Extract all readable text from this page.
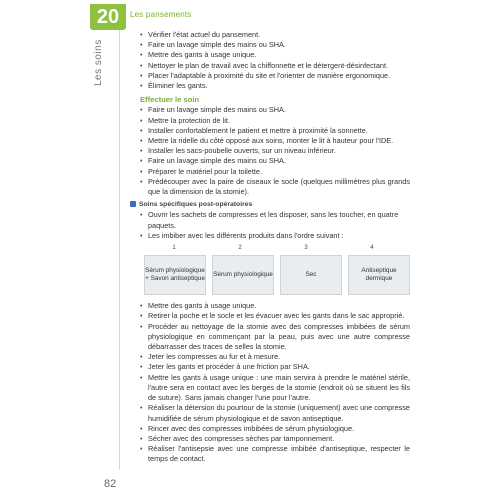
20	Les pansements
Les soins
• Vérifier l'état actuel du pansement.
• Faire un lavage simple des mains ou SHA.
• Mettre des gants à usage unique.
• Nettoyer le plan de travail avec la chiffonnette et le détergent-désinfectant.
• Placer l'adaptable à proximité du site et l'orienter de manière ergonomique.
• Éliminer les gants.
Effectuer le soin
• Faire un lavage simple des mains ou SHA.
• Mettre la protection de lit.
• Installer confortablement le patient et mettre à proximité la sonnette.
• Mettre la ridelle du côté opposé aux soins, monter le lit à hauteur pour l'IDE.
• Installer les sacs-poubelle ouverts, sur un niveau inférieur.
• Faire un lavage simple des mains ou SHA.
• Préparer le matériel pour la toilette.
• Prédécouper avec la paire de ciseaux le socle (quelques millimètres plus grands que la dimension de la stomie).
Soins spécifiques post-opératoires
• Ouvrir les sachets de compresses et les disposer, sans les toucher, en quatre paquets.
• Les imbiber avec les différents produits dans l'ordre suivant :
1	2	3	4
Sérum physiologique + Savon antiseptique
Sérum physiologique	Sec
Antiseptique dermique
• Mettre des gants à usage unique.
• Retirer la poche et le socle et les évacuer avec les gants dans le sac approprié.
• Procéder au nettoyage de la stomie avec des compresses imbibées de sérum physiologique en commençant par la peau, puis avec une autre compresse débarrasser des traces de selles la stomie.
• Jeter les compresses au fur et à mesure.
• Jeter les gants et procéder à une friction par SHA.
• Mettre les gants à usage unique : une main servira à prendre le matériel stérile, l'autre sera en contact avec les berges de la stomie (endroit où se situent les fils de suture). Sans jamais changer l'une pour l'autre.
• Réaliser la détersion du pourtour de la stomie (uniquement) avec une compresse humidifiée de sérum physiologique et de savon antiseptique.
• Rincer avec des compresses imbibées de sérum physiologique.
• Sécher avec des compresses sèches par tamponnement.
• Réaliser l'antisepsie avec une compresse imbibée d'antiseptique, respecter le temps de contact.
82
